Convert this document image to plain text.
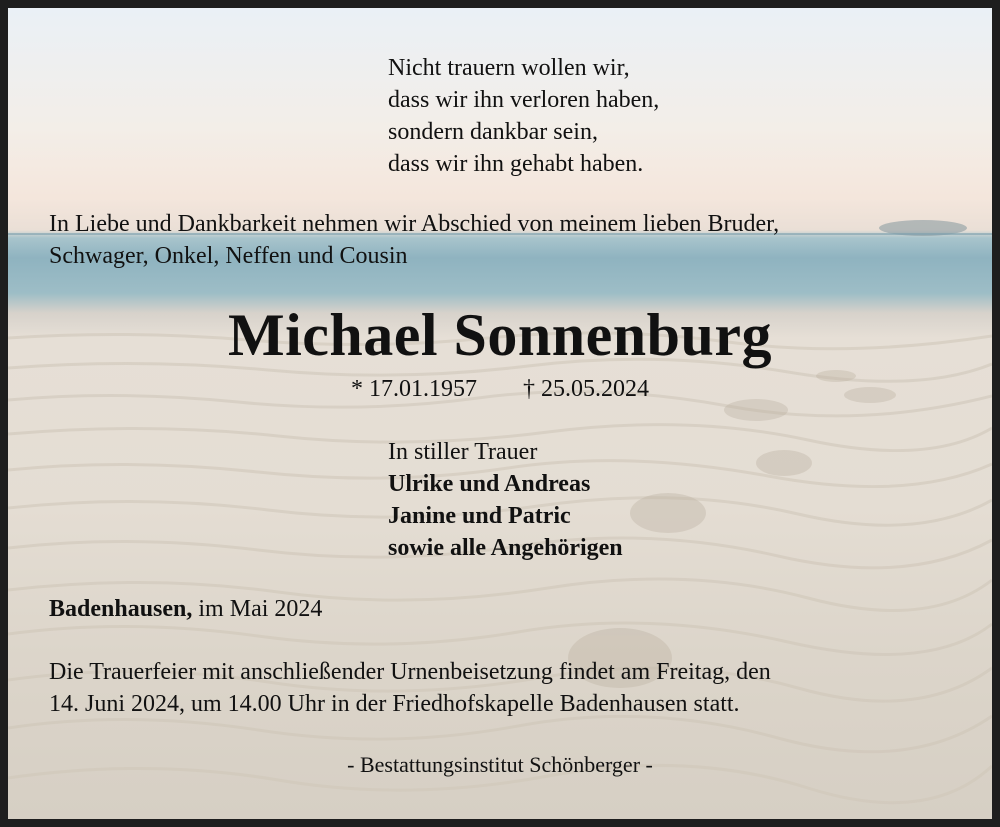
Nicht trauern wollen wir,
dass wir ihn verloren haben,
sondern dankbar sein,
dass wir ihn gehabt haben.
In Liebe und Dankbarkeit nehmen wir Abschied von meinem lieben Bruder,
Schwager, Onkel, Neffen und Cousin
Michael Sonnenburg
* 17.01.1957 † 25.05.2024
In stiller Trauer
Ulrike und Andreas
Janine und Patric
sowie alle Angehörigen
Badenhausen, im Mai 2024
Die Trauerfeier mit anschließender Urnenbeisetzung findet am Freitag, den
14. Juni 2024, um 14.00 Uhr in der Friedhofskapelle Badenhausen statt.
- Bestattungsinstitut Schönberger -
